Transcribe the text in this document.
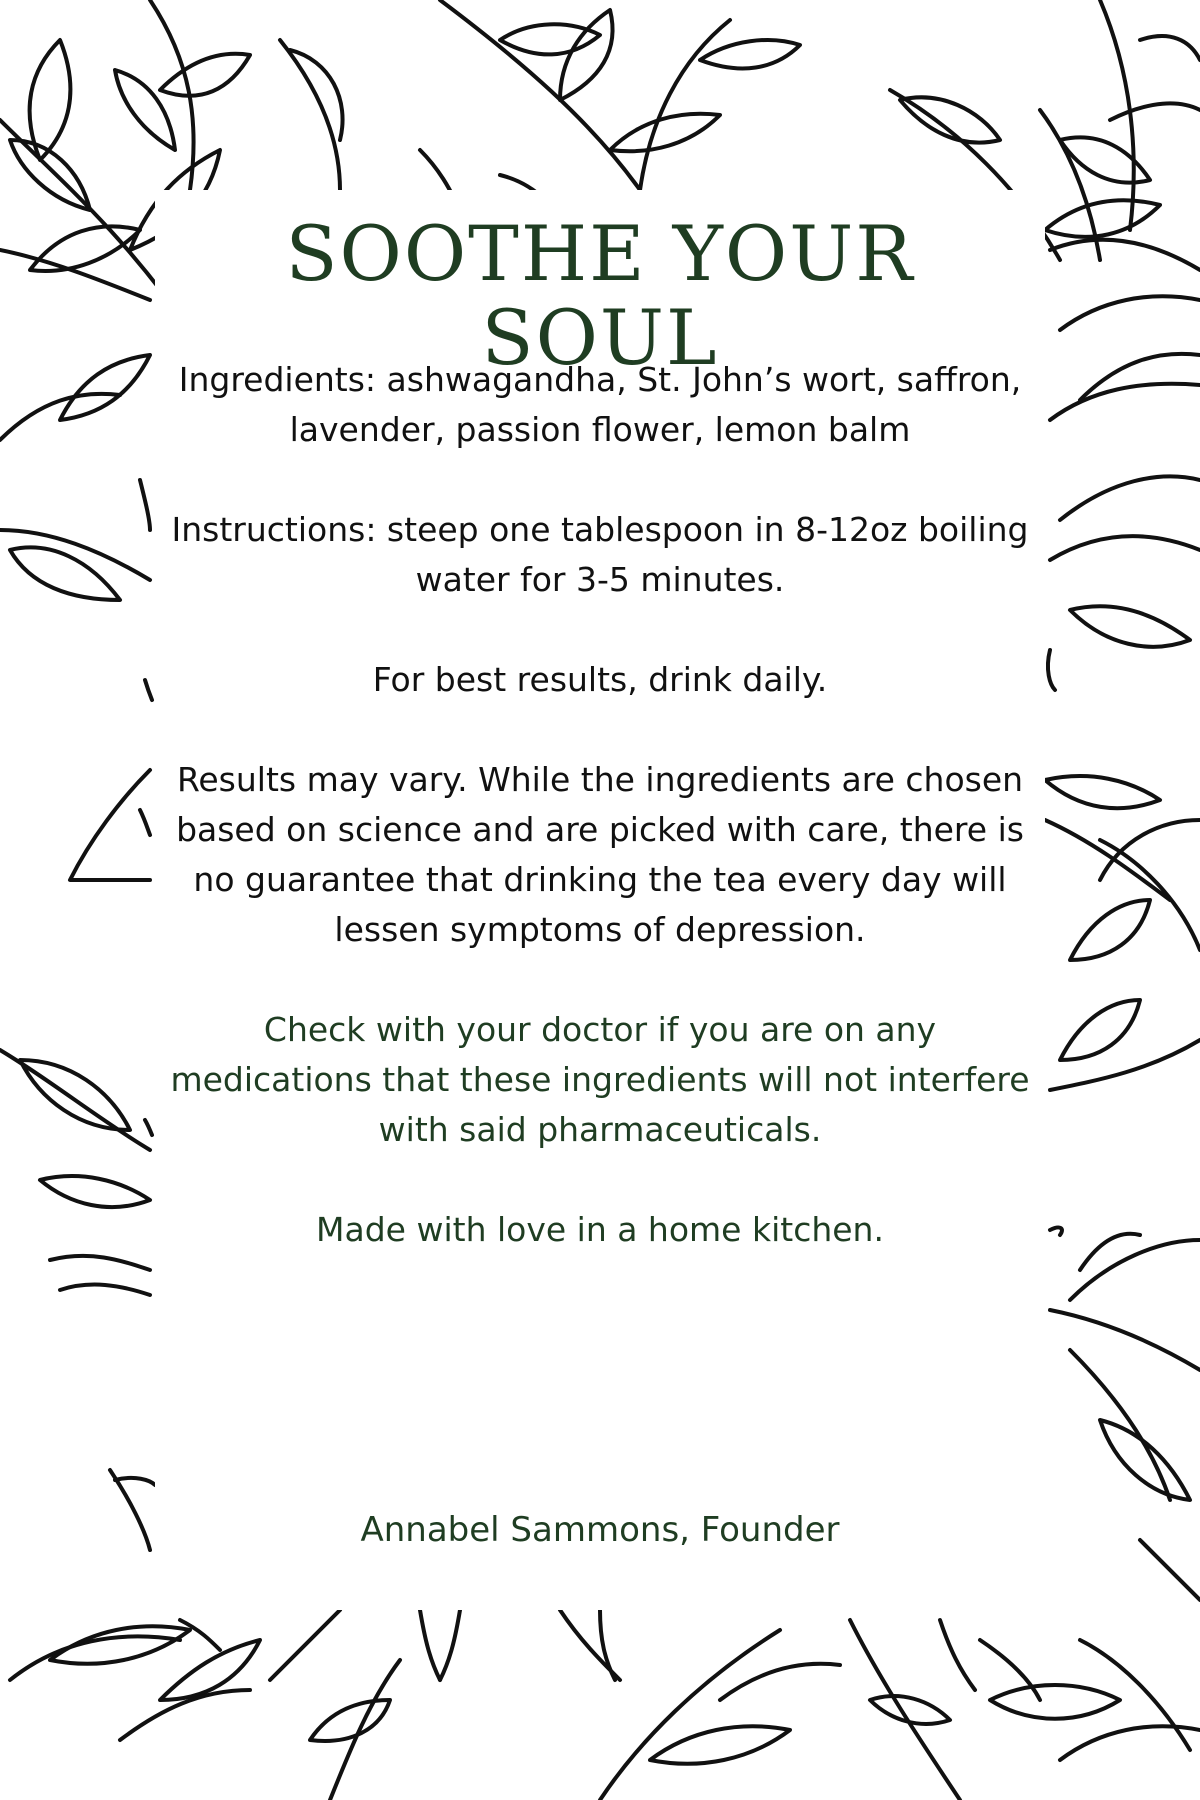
SOOTHE YOUR SOUL

Ingredients: ashwagandha, St. John’s wort, saffron, lavender, passion flower, lemon balm

Instructions: steep one tablespoon in 8-12oz boiling water for 3-5 minutes.

For best results, drink daily.

Results may vary. While the ingredients are chosen based on science and are picked with care, there is no guarantee that drinking the tea every day will lessen symptoms of depression.

Check with your doctor if you are on any medications that these ingredients will not interfere with said pharmaceuticals.

Made with love in a home kitchen.

Annabel Sammons, Founder
